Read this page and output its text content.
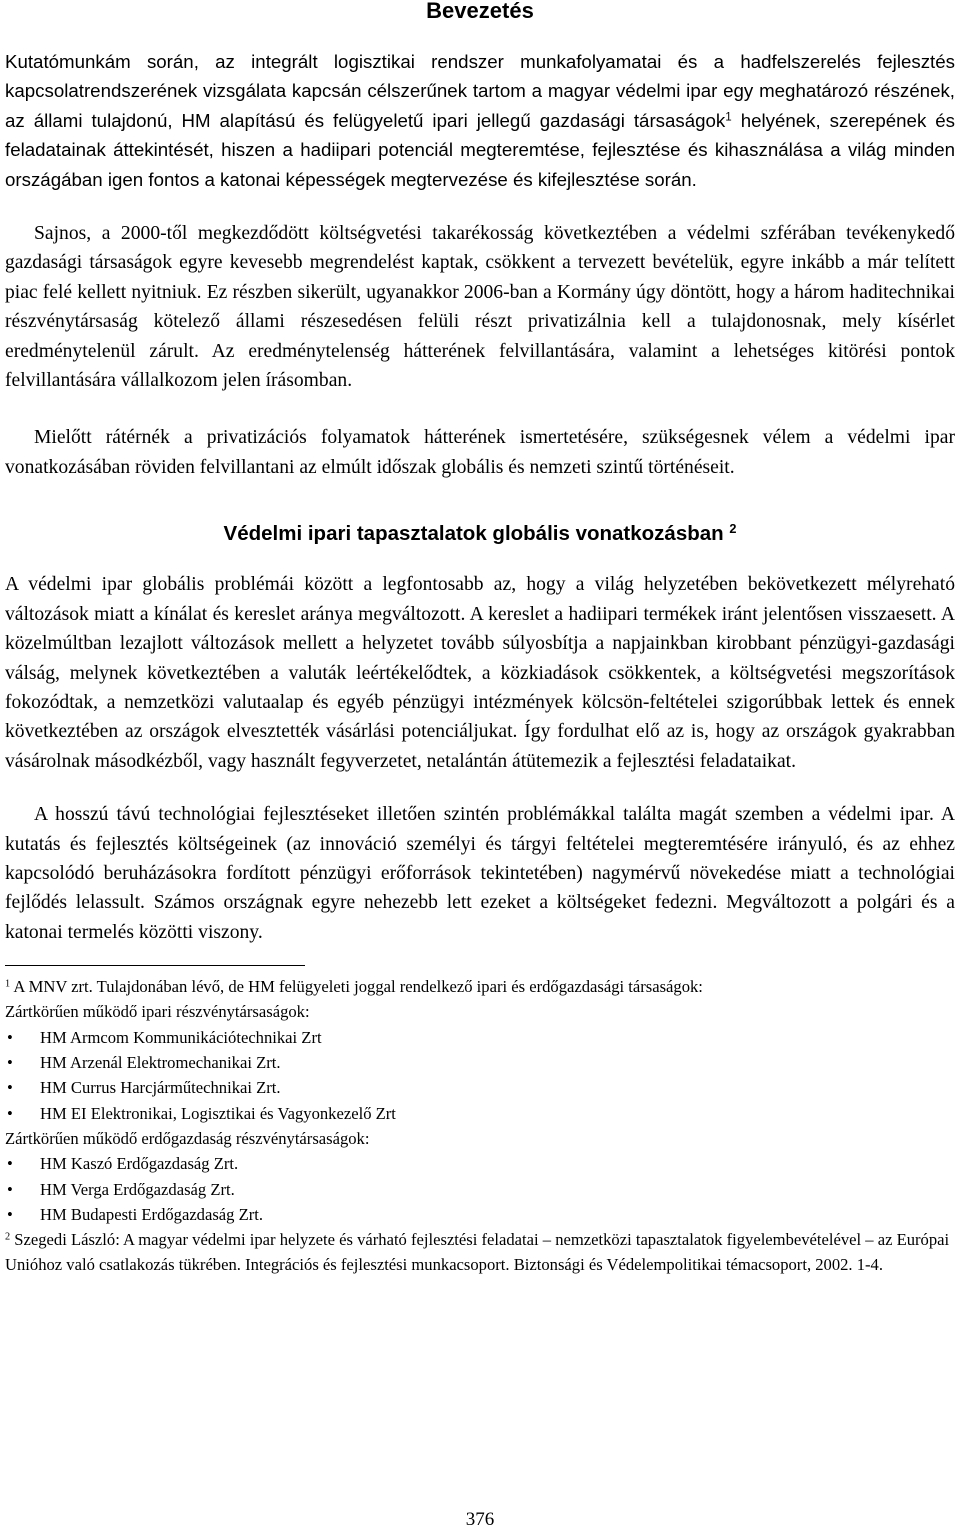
Bevezetés

Kutatómunkám során, az integrált logisztikai rendszer munkafolyamatai és a hadfelszerelés fejlesztés kapcsolatrendszerének vizsgálata kapcsán célszerűnek tartom a magyar védelmi ipar egy meghatározó részének, az állami tulajdonú, HM alapítású és felügyeletű ipari jellegű gazdasági társaságok$^1$ helyének, szerepének és feladatainak áttekintését, hiszen a hadiipari potenciál megteremtése, fejlesztése és kihasználása a világ minden országában igen fontos a katonai képességek megtervezése és kifejlesztése során.

Sajnos, a 2000-től megkezdődött költségvetési takarékosság következtében a védelmi szférában tevékenykedő gazdasági társaságok egyre kevesebb megrendelést kaptak, csökkent a tervezett bevételük, egyre inkább a már telített piac felé kellett nyitniuk. Ez részben sikerült, ugyanakkor 2006-ban a Kormány úgy döntött, hogy a három haditechnikai részvénytársaság kötelező állami részesedésen felüli részt privatizálnia kell a tulajdonosnak, mely kísérlet eredménytelenül zárult. Az eredménytelenség hátterének felvillantására, valamint a lehetséges kitörési pontok felvillantására vállalkozom jelen írásomban.

Mielőtt rátérnék a privatizációs folyamatok hátterének ismertetésére, szükségesnek vélem a védelmi ipar vonatkozásában röviden felvillantani az elmúlt időszak globális és nemzeti szintű történéseit.

Védelmi ipari tapasztalatok globális vonatkozásban $^2$

A védelmi ipar globális problémái között a legfontosabb az, hogy a világ helyzetében bekövetkezett mélyreható változások miatt a kínálat és kereslet aránya megváltozott. A kereslet a hadiipari termékek iránt jelentősen visszaesett. A közelmúltban lezajlott változások mellett a helyzetet tovább súlyosbítja a napjainkban kirobbant pénzügyi-gazdasági válság, melynek következtében a valuták leértékelődtek, a közkiadások csökkentek, a költségvetési megszorítások fokozódtak, a nemzetközi valutaalap és egyéb pénzügyi intézmények kölcsön-feltételei szigorúbbak lettek és ennek következtében az országok elvesztették vásárlási potenciáljukat. Így fordulhat elő az is, hogy az országok gyakrabban vásárolnak másodkézből, vagy használt fegyverzetet, netalántán átütemezik a fejlesztési feladataikat.

A hosszú távú technológiai fejlesztéseket illetően szintén problémákkal találta magát szemben a védelmi ipar. A kutatás és fejlesztés költségeinek (az innováció személyi és tárgyi feltételei megteremtésére irányuló, és az ehhez kapcsolódó beruházásokra fordított pénzügyi erőforrások tekintetében) nagymérvű növekedése miatt a technológiai fejlődés lelassult. Számos országnak egyre nehezebb lett ezeket a költségeket fedezni. Megváltozott a polgári és a katonai termelés közötti viszony.

$^1$ A MNV zrt. Tulajdonában lévő, de HM felügyeleti joggal rendelkező ipari és erdőgazdasági társaságok:
Zártkörűen működő ipari részvénytársaságok:
• HM Armcom Kommunikációtechnikai Zrt
• HM Arzenál Elektromechanikai Zrt.
• HM Currus Harcjárműtechnikai Zrt.
• HM EI Elektronikai, Logisztikai és Vagyonkezelő Zrt
Zártkörűen működő erdőgazdaság részvénytársaságok:
• HM Kaszó Erdőgazdaság Zrt.
• HM Verga Erdőgazdaság Zrt.
• HM Budapesti Erdőgazdaság Zrt.
$^2$ Szegedi László: A magyar védelmi ipar helyzete és várható fejlesztési feladatai – nemzetközi tapasztalatok figyelembevételével – az Európai Unióhoz való csatlakozás tükrében. Integrációs és fejlesztési munkacsoport. Biztonsági és Védelempolitikai témacsoport, 2002. 1-4.
376
